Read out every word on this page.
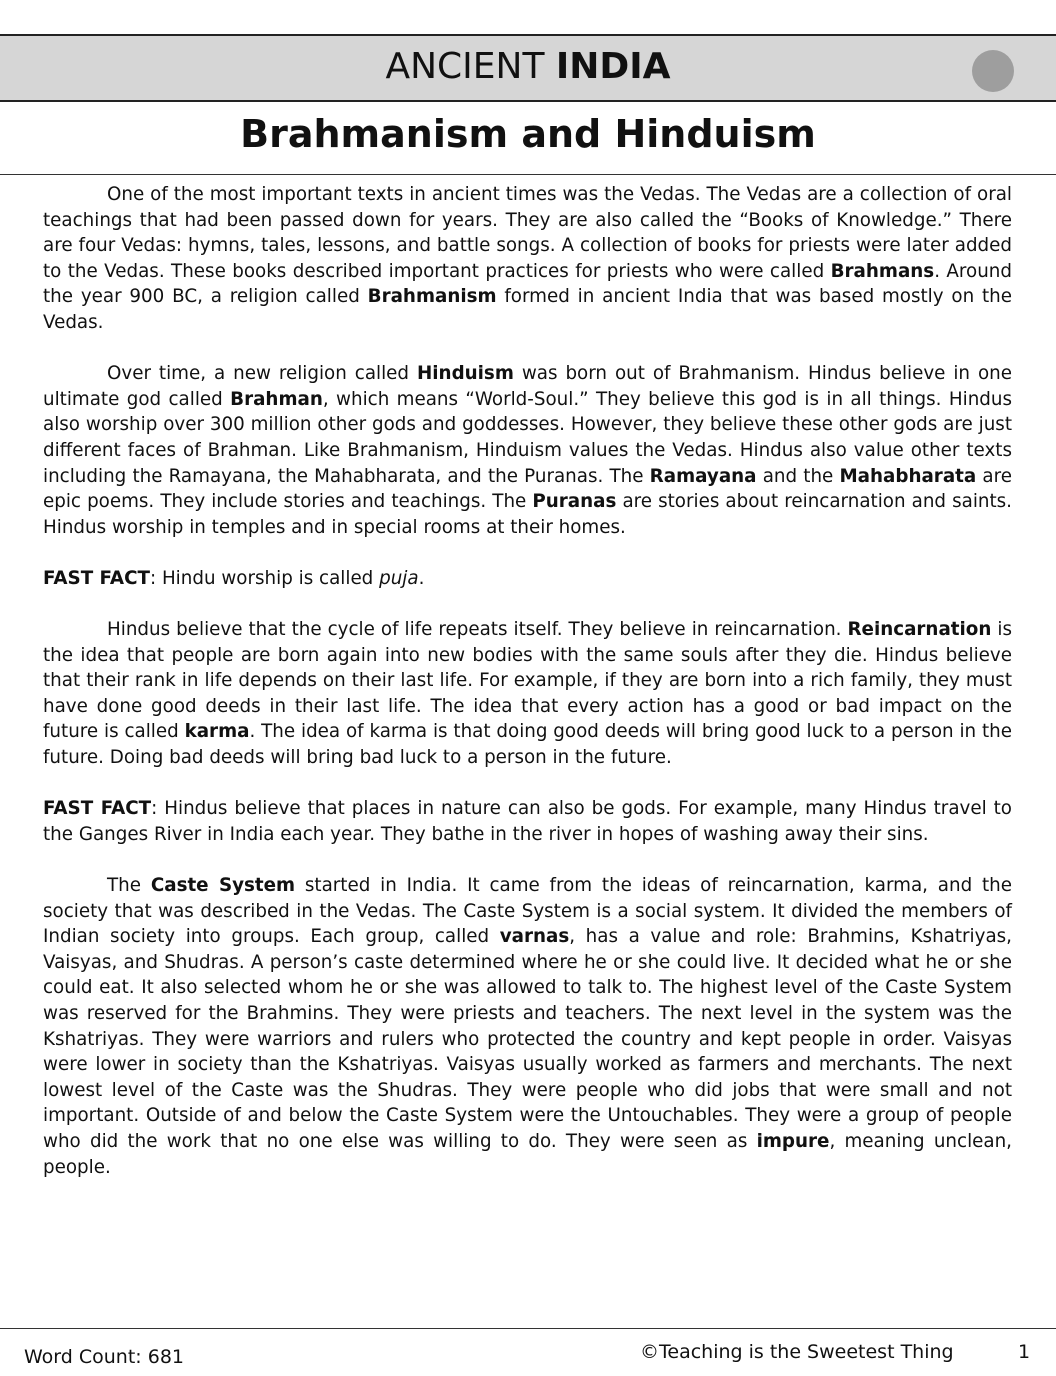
ANCIENT INDIA
Brahmanism and Hinduism

One of the most important texts in ancient times was the Vedas. The Vedas are a collection of oral teachings that had been passed down for years. They are also called the “Books of Knowledge.” There are four Vedas: hymns, tales, lessons, and battle songs. A collection of books for priests were later added to the Vedas. These books described important practices for priests who were called Brahmans. Around the year 900 BC, a religion called Brahmanism formed in ancient India that was based mostly on the Vedas.

Over time, a new religion called Hinduism was born out of Brahmanism. Hindus believe in one ultimate god called Brahman, which means “World-Soul.” They believe this god is in all things. Hindus also worship over 300 million other gods and goddesses. However, they believe these other gods are just different faces of Brahman. Like Brahmanism, Hinduism values the Vedas. Hindus also value other texts including the Ramayana, the Mahabharata, and the Puranas. The Ramayana and the Mahabharata are epic poems. They include stories and teachings. The Puranas are stories about reincarnation and saints. Hindus worship in temples and in special rooms at their homes.

FAST FACT: Hindu worship is called puja.

Hindus believe that the cycle of life repeats itself. They believe in reincarnation. Reincarnation is the idea that people are born again into new bodies with the same souls after they die. Hindus believe that their rank in life depends on their last life. For example, if they are born into a rich family, they must have done good deeds in their last life. The idea that every action has a good or bad impact on the future is called karma. The idea of karma is that doing good deeds will bring good luck to a person in the future. Doing bad deeds will bring bad luck to a person in the future.

FAST FACT: Hindus believe that places in nature can also be gods. For example, many Hindus travel to the Ganges River in India each year. They bathe in the river in hopes of washing away their sins.

The Caste System started in India. It came from the ideas of reincarnation, karma, and the society that was described in the Vedas. The Caste System is a social system. It divided the members of Indian society into groups. Each group, called varnas, has a value and role: Brahmins, Kshatriyas, Vaisyas, and Shudras. A person’s caste determined where he or she could live. It decided what he or she could eat. It also selected whom he or she was allowed to talk to. The highest level of the Caste System was reserved for the Brahmins. They were priests and teachers. The next level in the system was the Kshatriyas. They were warriors and rulers who protected the country and kept people in order. Vaisyas were lower in society than the Kshatriyas. Vaisyas usually worked as farmers and merchants. The next lowest level of the Caste was the Shudras. They were people who did jobs that were small and not important. Outside of and below the Caste System were the Untouchables. They were a group of people who did the work that no one else was willing to do. They were seen as impure, meaning unclean, people.

Word Count: 681	©Teaching is the Sweetest Thing	1
